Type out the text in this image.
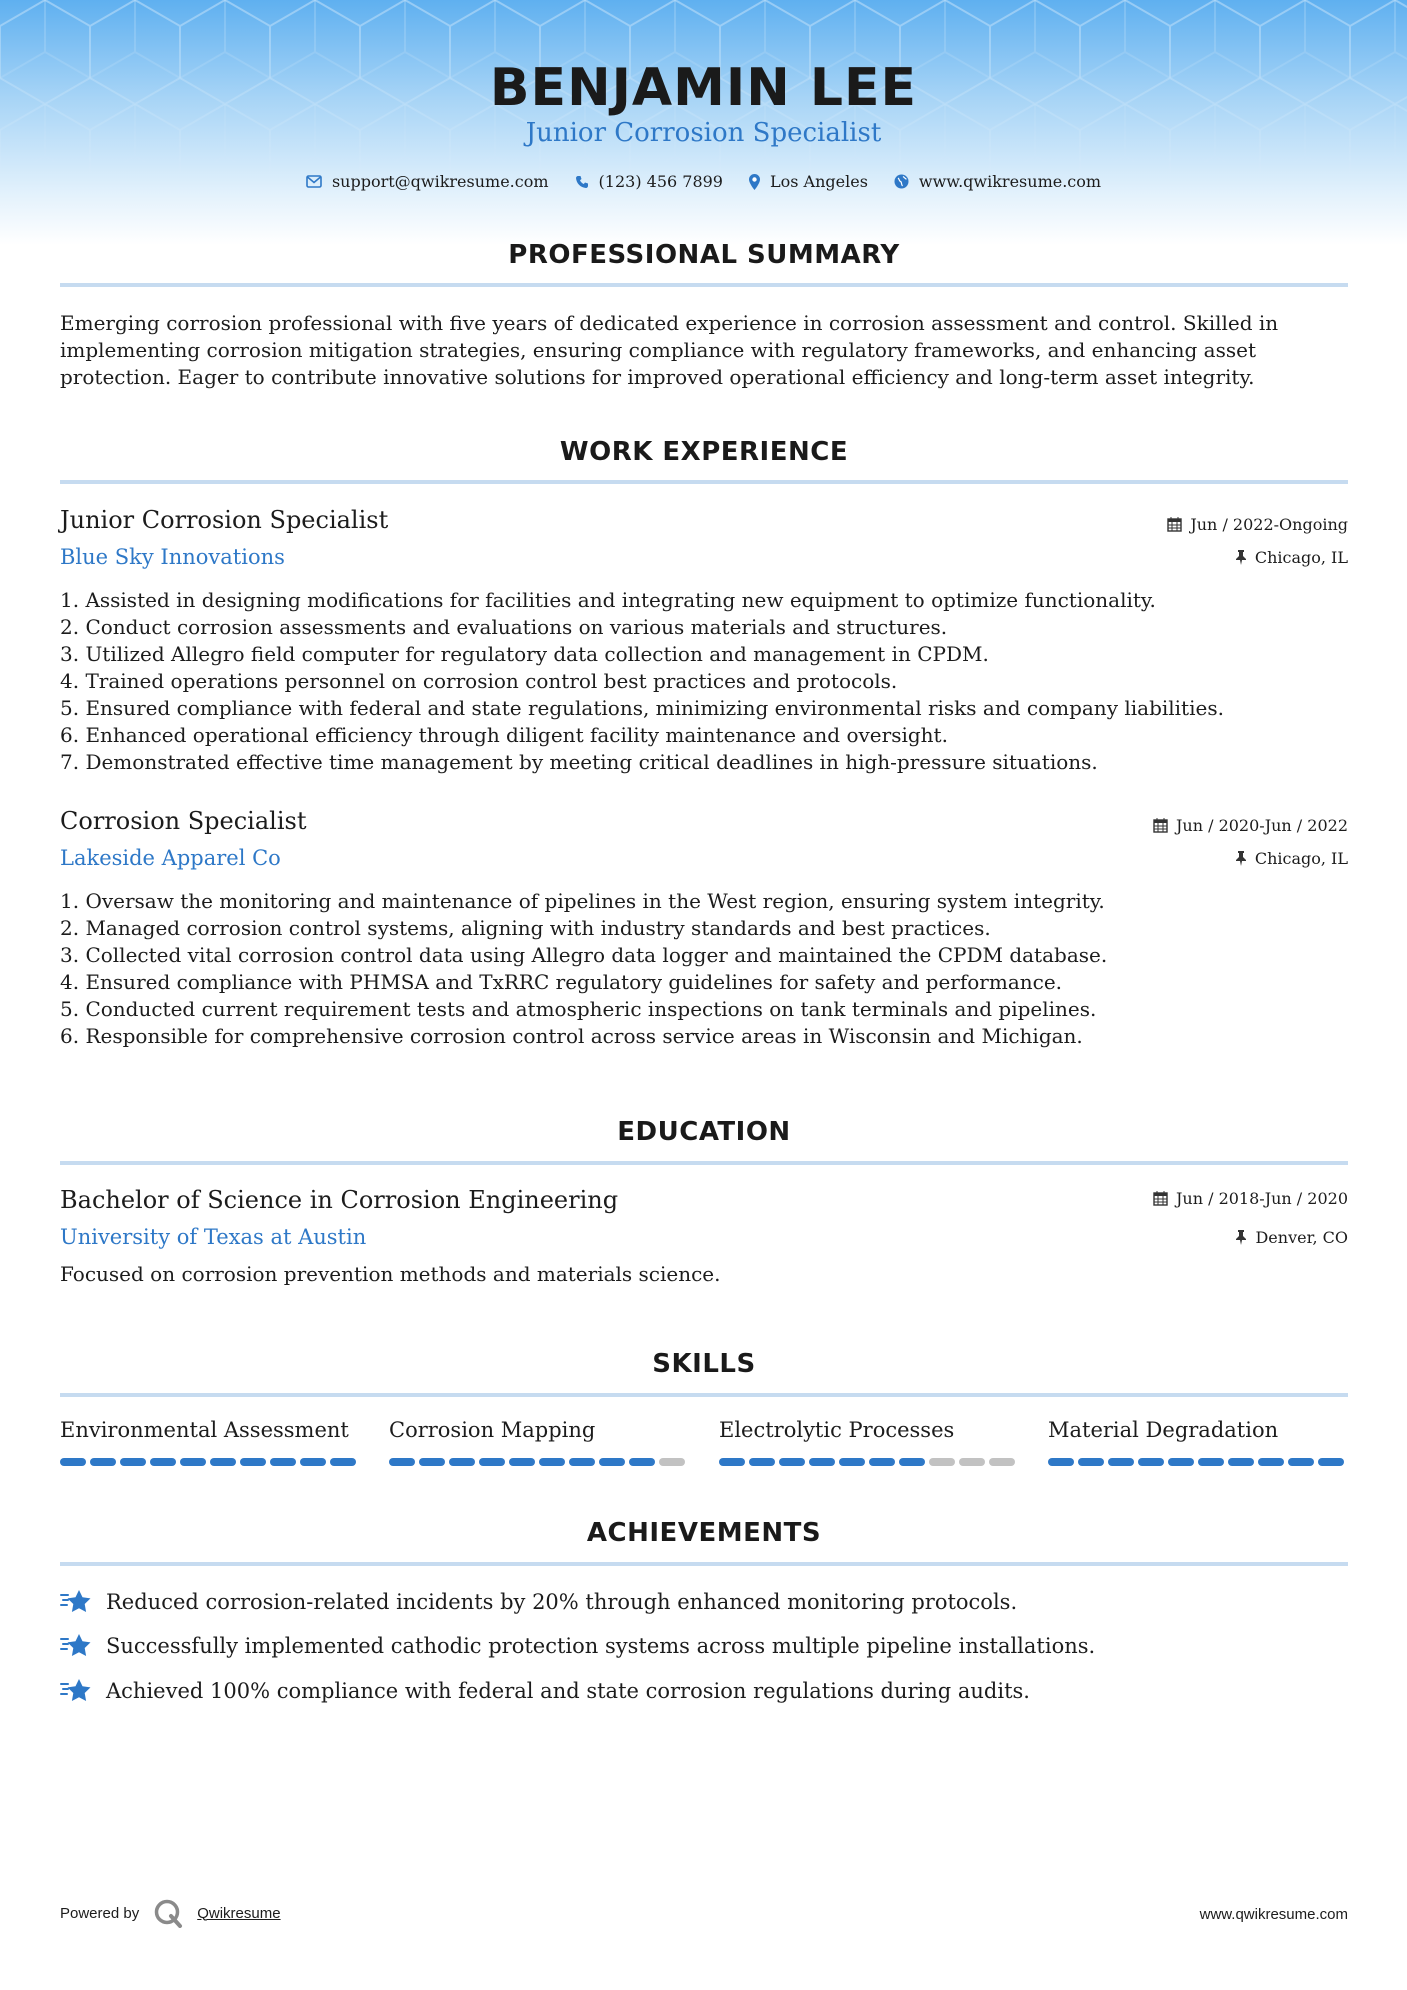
BENJAMIN LEE
Junior Corrosion Specialist
support@qwikresume.com	(123) 456 7899	Los Angeles	www.qwikresume.com
PROFESSIONAL SUMMARY
Emerging corrosion professional with five years of dedicated experience in corrosion assessment and control. Skilled in implementing corrosion mitigation strategies, ensuring compliance with regulatory frameworks, and enhancing asset protection. Eager to contribute innovative solutions for improved operational efficiency and long-term asset integrity.
WORK EXPERIENCE
Junior Corrosion Specialist
Blue Sky Innovations
Jun / 2022-Ongoing
Chicago, IL
1. Assisted in designing modifications for facilities and integrating new equipment to optimize functionality.
2. Conduct corrosion assessments and evaluations on various materials and structures.
3. Utilized Allegro field computer for regulatory data collection and management in CPDM.
4. Trained operations personnel on corrosion control best practices and protocols.
5. Ensured compliance with federal and state regulations, minimizing environmental risks and company liabilities.
6. Enhanced operational efficiency through diligent facility maintenance and oversight.
7. Demonstrated effective time management by meeting critical deadlines in high-pressure situations.
Corrosion Specialist
Lakeside Apparel Co
Jun / 2020-Jun / 2022
Chicago, IL
1. Oversaw the monitoring and maintenance of pipelines in the West region, ensuring system integrity.
2. Managed corrosion control systems, aligning with industry standards and best practices.
3. Collected vital corrosion control data using Allegro data logger and maintained the CPDM database.
4. Ensured compliance with PHMSA and TxRRC regulatory guidelines for safety and performance.
5. Conducted current requirement tests and atmospheric inspections on tank terminals and pipelines.
6. Responsible for comprehensive corrosion control across service areas in Wisconsin and Michigan.
EDUCATION
Bachelor of Science in Corrosion Engineering
University of Texas at Austin
Jun / 2018-Jun / 2020
Denver, CO
Focused on corrosion prevention methods and materials science.
SKILLS
Environmental Assessment	Corrosion Mapping	Electrolytic Processes	Material Degradation
ACHIEVEMENTS
Reduced corrosion-related incidents by 20% through enhanced monitoring protocols.
Successfully implemented cathodic protection systems across multiple pipeline installations.
Achieved 100% compliance with federal and state corrosion regulations during audits.
Powered by	Qwikresume	www.qwikresume.com
